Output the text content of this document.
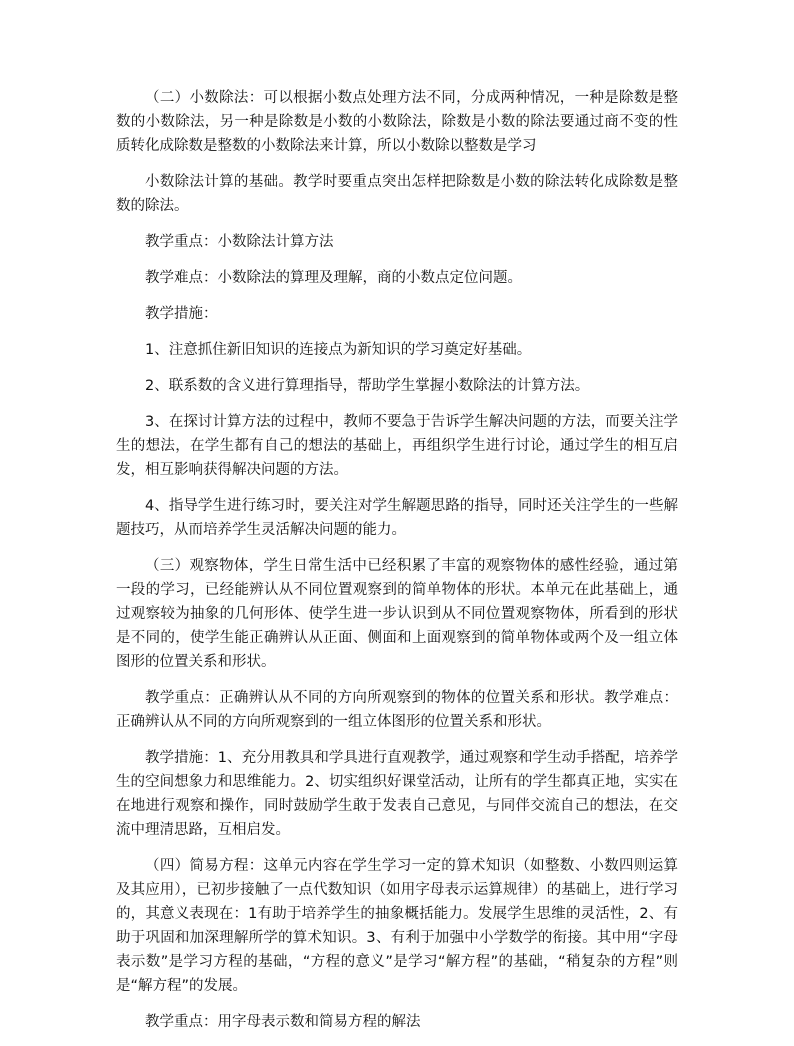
（二）小数除法：可以根据小数点处理方法不同，分成两种情况，一种是除数是整数的小数除法，另一种是除数是小数的小数除法，除数是小数的除法要通过商不变的性质转化成除数是整数的小数除法来计算，所以小数除以整数是学习

小数除法计算的基础。教学时要重点突出怎样把除数是小数的除法转化成除数是整数的除法。

教学重点：小数除法计算方法

教学难点：小数除法的算理及理解，商的小数点定位问题。

教学措施：

1、注意抓住新旧知识的连接点为新知识的学习奠定好基础。

2、联系数的含义进行算理指导，帮助学生掌握小数除法的计算方法。

3、在探讨计算方法的过程中，教师不要急于告诉学生解决问题的方法，而要关注学生的想法，在学生都有自己的想法的基础上，再组织学生进行讨论，通过学生的相互启发，相互影响获得解决问题的方法。

4、指导学生进行练习时，要关注对学生解题思路的指导，同时还关注学生的一些解题技巧，从而培养学生灵活解决问题的能力。

（三）观察物体，学生日常生活中已经积累了丰富的观察物体的感性经验，通过第一段的学习，已经能辨认从不同位置观察到的简单物体的形状。本单元在此基础上，通过观察较为抽象的几何形体、使学生进一步认识到从不同位置观察物体，所看到的形状是不同的，使学生能正确辨认从正面、侧面和上面观察到的简单物体或两个及一组立体图形的位置关系和形状。

教学重点：正确辨认从不同的方向所观察到的物体的位置关系和形状。教学难点：正确辨认从不同的方向所观察到的一组立体图形的位置关系和形状。

教学措施：1、充分用教具和学具进行直观教学，通过观察和学生动手搭配，培养学生的空间想象力和思维能力。2、切实组织好课堂活动，让所有的学生都真正地，实实在在地进行观察和操作，同时鼓励学生敢于发表自己意见，与同伴交流自己的想法，在交流中理清思路，互相启发。

（四）简易方程：这单元内容在学生学习一定的算术知识（如整数、小数四则运算及其应用），已初步接触了一点代数知识（如用字母表示运算规律）的基础上，进行学习的，其意义表现在：1有助于培养学生的抽象概括能力。发展学生思维的灵活性，2、有助于巩固和加深理解所学的算术知识。3、有利于加强中小学数学的衔接。其中用“字母表示数”是学习方程的基础，“方程的意义”是学习“解方程”的基础，“稍复杂的方程”则是“解方程”的发展。

教学重点：用字母表示数和简易方程的解法
